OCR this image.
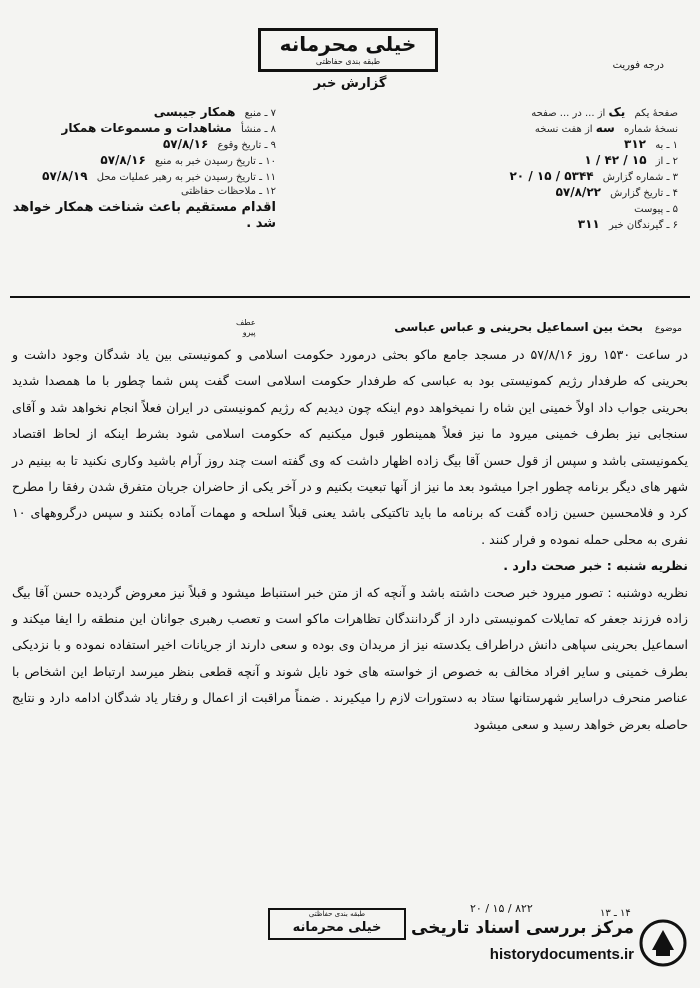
خیلی محرمانه
طبقه بندی حفاظتی
گزارش خبر
درجه فوریت
صفحهٔ یکم یک از ... در ... صفحه
نسخهٔ شماره سه از هفت نسخه
۱ ـ به ۳۱۲
۲ ـ از ۱۵ / ۴۲ / ۱
۳ ـ شماره گزارش ۵۳۴۴ / ۱۵ / ۲۰
۴ ـ تاریخ گزارش ۵۷/۸/۲۲
۵ ـ پیوست
۶ ـ گیرندگان خبر ۳۱۱
۷ ـ منبع همکار جیبسی
۸ ـ منشأ مشاهدات و مسموعات همکار
۹ ـ تاریخ وقوع ۵۷/۸/۱۶
۱۰ ـ تاریخ رسیدن خبر به منبع ۵۷/۸/۱۶
۱۱ ـ تاریخ رسیدن خبر به رهبر عملیات محل ۵۷/۸/۱۹
۱۲ ـ ملاحظات حفاظتی
اقدام مستقیم باعث شناخت همکار خواهد شد .
عطف
پیرو	موضوع بحث بین اسماعیل بحرینی و عباس عباسی

در ساعت ۱۵۳۰ روز ۵۷/۸/۱۶ در مسجد جامع ماکو بحثی درمورد حکومت اسلامی و کمونیستی بین یاد شدگان وجود داشت و بحرینی که طرفدار رژیم کمونیستی بود به عباسی که طرفدار حکومت اسلامی است گفت پس شما چطور با ما همصدا شدید بحرینی جواب داد اولاً خمینی این شاه را نمیخواهد دوم اینکه چون دیدیم که رژیم کمونیستی در ایران فعلاً انجام نخواهد شد و آقای سنجابی نیز بطرف خمینی میرود ما نیز فعلاً همینطور قبول میکنیم که حکومت اسلامی شود بشرط اینکه از لحاظ اقتصاد یکمونیستی باشد و سپس از قول حسن آقا بیگ زاده اظهار داشت که وی گفته است چند روز آرام باشید وکاری نکنید تا به بینیم در شهر های دیگر برنامه چطور اجرا میشود بعد ما نیز از آنها تبعیت بکنیم و در آخر یکی از حاضران جریان متفرق شدن رفقا را مطرح کرد و فلامحسین حسین زاده گفت که برنامه ما باید تاکتیکی باشد یعنی قبلاً اسلحه و مهمات آماده بکنند و سپس درگروههای ۱۰ نفری به محلی حمله نموده و فرار کنند .

نظریه شنبه : خبر صحت دارد .

نظریه دوشنبه : تصور میرود خبر صحت داشته باشد و آنچه که از متن خبر استنباط میشود و قبلاً نیز معروض گردیده حسن آقا بیگ زاده فرزند جعفر که تمایلات کمونیستی دارد از گردانندگان تظاهرات ماکو است و تعصب رهبری جوانان این منطقه را ایفا میکند و اسماعیل بحرینی سپاهی دانش دراطراف یکدسته نیز از مریدان وی بوده و سعی دارند از جریانات اخیر استفاده نموده و با نزدیکی بطرف خمینی و سایر افراد مخالف به خصوص از خواسته های خود نایل شوند و آنچه قطعی بنظر میرسد ارتباط این اشخاص با عناصر منحرف دراسایر شهرستانها ستاد به دستورات لازم را میکیرند . ضمناً مراقبت از اعمال و رفتار یاد شدگان ادامه دارد و نتایج حاصله بعرض خواهد رسید و سعی میشود

طبقه بندی حفاظتی
خیلی محرمانه
۸۲۲ / ۱۵ / ۲۰	۱۴ ـ ۱۳
مرکز بررسی اسناد تاریخی
historydocuments.ir
